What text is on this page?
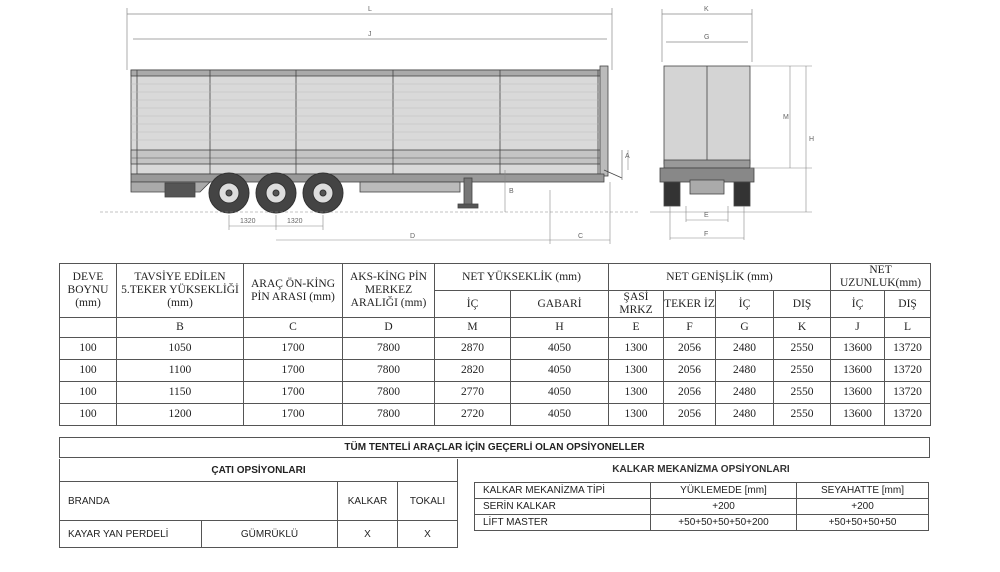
L
J
1320	1320
D	C
B
A
K
G
M
H
E
F
DEVE BOYNU (mm)	TAVSİYE EDİLEN 5.TEKER YÜKSEKLİĞİ (mm)	ARAÇ ÖN-KİNG PİN ARASI (mm)	AKS-KİNG PİN MERKEZ ARALIĞI (mm)	NET YÜKSEKLİK (mm)		NET GENİŞLİK (mm)				NET UZUNLUK(mm)	
				İÇ	GABARİ	ŞASİ MRKZ	TEKER İZ	İÇ	DIŞ	İÇ	DIŞ
	B	C	D	M	H	E	F	G	K	J	L
100	1050	1700	7800	2870	4050	1300	2056	2480	2550	13600	13720
100	1100	1700	7800	2820	4050	1300	2056	2480	2550	13600	13720
100	1150	1700	7800	2770	4050	1300	2056	2480	2550	13600	13720
100	1200	1700	7800	2720	4050	1300	2056	2480	2550	13600	13720
TÜM TENTELİ ARAÇLAR İÇİN GEÇERLİ OLAN OPSİYONELLER
ÇATI OPSİYONLARI			
BRANDA		KALKAR	TOKALI
KAYAR YAN PERDELİ	GÜMRÜKLÜ	X	X
KALKAR MEKANİZMA OPSİYONLARI
KALKAR MEKANİZMA TİPİ	YÜKLEMEDE [mm]	SEYAHATTE [mm]
SERİN KALKAR	+200	+200
LİFT MASTER	+50+50+50+50+200	+50+50+50+50
